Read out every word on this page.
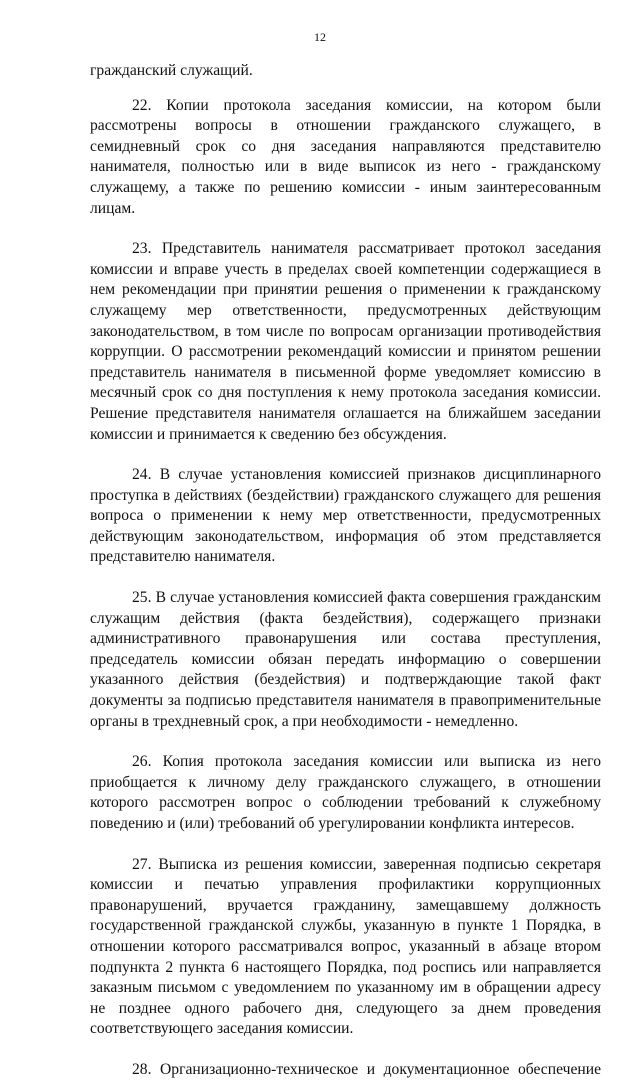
12

гражданский служащий.

22. Копии протокола заседания комиссии, на котором были рассмотрены вопросы в отношении гражданского служащего, в семидневный срок со дня заседания направляются представителю нанимателя, полностью или в виде выписок из него - гражданскому служащему, а также по решению комиссии - иным заинтересованным лицам.

23. Представитель нанимателя рассматривает протокол заседания комиссии и вправе учесть в пределах своей компетенции содержащиеся в нем рекомендации при принятии решения о применении к гражданскому служащему мер ответственности, предусмотренных действующим законодательством, в том числе по вопросам организации противодействия коррупции. О рассмотрении рекомендаций комиссии и принятом решении представитель нанимателя в письменной форме уведомляет комиссию в месячный срок со дня поступления к нему протокола заседания комиссии. Решение представителя нанимателя оглашается на ближайшем заседании комиссии и принимается к сведению без обсуждения.

24. В случае установления комиссией признаков дисциплинарного проступка в действиях (бездействии) гражданского служащего для решения вопроса о применении к нему мер ответственности, предусмотренных действующим законодательством, информация об этом представляется представителю нанимателя.

25. В случае установления комиссией факта совершения гражданским служащим действия (факта бездействия), содержащего признаки административного правонарушения или состава преступления, председатель комиссии обязан передать информацию о совершении указанного действия (бездействия) и подтверждающие такой факт документы за подписью представителя нанимателя в правоприменительные органы в трехдневный срок, а при необходимости - немедленно.

26. Копия протокола заседания комиссии или выписка из него приобщается к личному делу гражданского служащего, в отношении которого рассмотрен вопрос о соблюдении требований к служебному поведению и (или) требований об урегулировании конфликта интересов.

27. Выписка из решения комиссии, заверенная подписью секретаря комиссии и печатью управления профилактики коррупционных правонарушений, вручается гражданину, замещавшему должность государственной гражданской службы, указанную в пункте 1 Порядка, в отношении которого рассматривался вопрос, указанный в абзаце втором подпункта 2 пункта 6 настоящего Порядка, под роспись или направляется заказным письмом с уведомлением по указанному им в обращении адресу не позднее одного рабочего дня, следующего за днем проведения соответствующего заседания комиссии.

28. Организационно-техническое и документационное обеспечение
